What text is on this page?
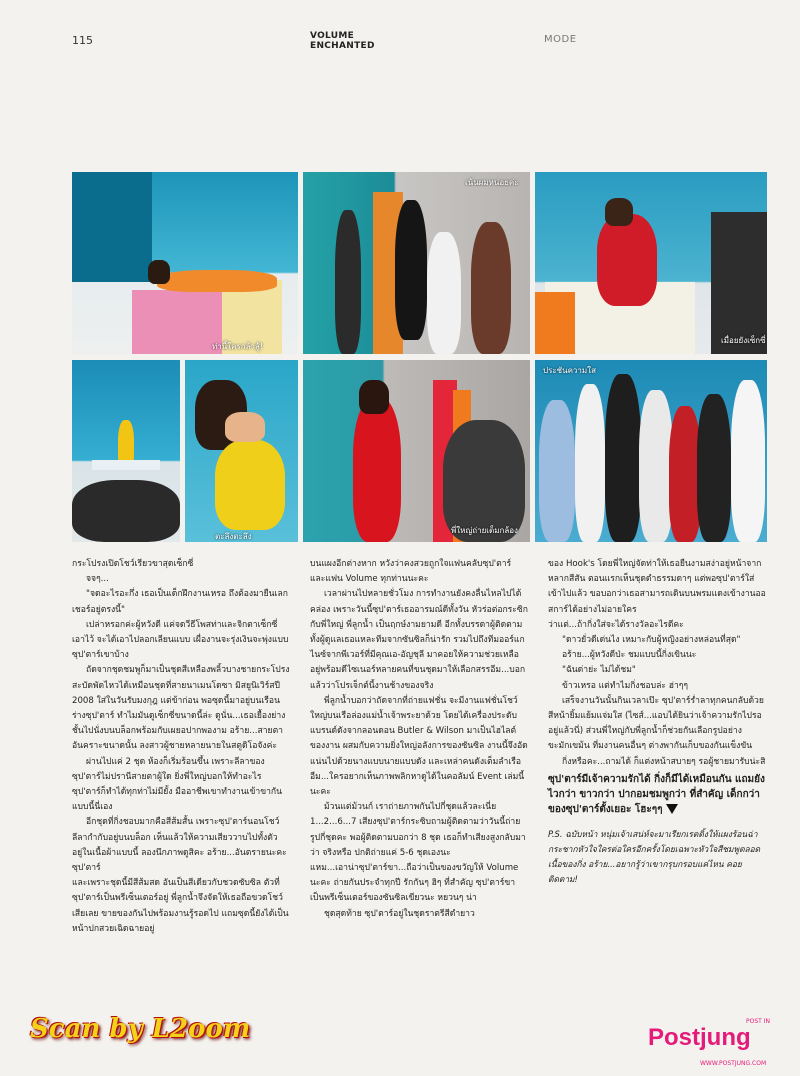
115	VOLUME
ENCHANTED
MODE
ท่านี้ใครกล้าสู้!
เน้นผมหน่อยค่ะ
เมื่อยยังเซ็กซี่
ตะลึงตะลึง
พี่ใหญ่ถ่ายเต็มกล้อง
ประชันความใส

กระโปรงเปิดโชว์เรียวขาสุดเซ็กซี่

จจๆ...

"จดอะไรอะกึ่ง เธอเป็นเด็กฝึกงานเหรอ ถึงต้องมายืนเลกเชอร์อยู่ตรงนี้"

เปล่าหรอกค่ะผู้หวังดี แค่จดวีธีโพสท่าและจิกตาเซ็กซี่เอาไว้ จะได้เอาไปลอกเลียนแบบ เผื่องานจะรุ่งเงินจะพุ่งแบบซุป'ตาร์เขาบ้าง

ถัดจากชุดชมพูก็มาเป็นชุดสีเหลืองพลิ้วบางชายกระโปรงสะบัดพัดไหวได้เหมือนชุดที่สายนาเมนโดซา มิสยูนิเวิร์สปี 2008 ใส่ในวันรับมงกุฎ แต่ข้าก่อน พอซุดนี้มาอยู่บนเรือนร่างซุป'ตาร์ ทำไมมันดูเซ็กซี่ขนาดนี้ล่ะ ดูนั่น...เธอเยื้องย่างชั้นไปนั่งบนบล็อกพร้อมกับเผยอปากพองาม อร้าย...สายตาอันคราะขนาดนั้น ลงสาวผู้ชายหลายนายในสตูดิโอจังค่ะ

ผ่านไปแค่ 2 ชุด ห้องก็เริ่มร้อนขึ้น เพราะลีลาของซุป'ตาร์ไม่ปรานีสายตาผู้ใด ยิ่งพี่ใหญ่บอกให้ทำอะไร ซุป'ตาร์ก็ทำได้ทุกท่าไม่มียั้ง มืออาชีพเขาทำงานเข้าขากันแบบนี้นี่เอง

อีกชุดที่กิ่งชอบมากคือสีส้มสั้น เพราะซุป'ตาร์นอนโชว์ลีลากำกับอยู่บนบล็อก เห็นแล้วให้ความเสียววาบไปทั้งตัว อยู่ในเนื้อผ้าแบบนี้ ลองนึกภาพดูสิคะ อร้าย...อันตรายนะคะซุป'ตาร์

และเพราะชุดนี้มีสีส้มสด อันเป็นสีเดียวกับชวดซับซิล ตัวที่ซุป'ตาร์เป็นพรีเซ็นเตอร์อยู่ พี่ลูกน้ำจึงจัดให้เธอถือขวดโชว์เสียเลย ขายของกันไปพร้อมงานรู้รอดไป แถมซุดนี้ยังได้เป็นหน้าปกสวยเฉิดฉายอยู่

บนแผงอีกต่างหาก หวังว่าคงสวยถูกใจแฟนคลับซุป'ตาร์ และแฟน Volume ทุกท่านนะคะ

เวลาผ่านไปหลายชั่วโมง การทำงานยังคงลื่นไหลไปได้คล่อง เพราะวันนี้ซุป'ตาร์เธออารมณ์ดีทั้งวัน หัวร่อต่อกระซิกกับพี่ใหญ่ พี่ลูกน้ำ เป็นฤกษ์งามยามดี อีกทั้งบรรดาผู้ติดตาม ทั้งผู้ดูแลเธอแหละทีมจากซันซิลก็น่ารัก รวมไปถึงทีมออร์แกไนซ์จากพีเวอร์ที่มีคุณเอ-อัญชุลี มาคอยให้ความช่วยเหลืออยู่พร้อมดีไซเนอร์หลายคนที่ขนชุดมาให้เลือกสรรอีม...บอกแล้วว่าโปรเจ็กต์นี้งานช้างของจริง

พี่ลูกน้ำบอกว่าถัดจากที่ถ่ายแฟชั่น จะมีงานแฟชั่นโชว์ใหญ่บนเรือล่องแม่น้ำเจ้าพระยาด้วย โดยได้เครื่องประดับแบรนด์ดังจากลอนดอน Butler & Wilson มาเป็นไฮไลต์ของงาน ผสมกับความยิ่งใหญ่อลังการของซันซิล งานนี้จึงอัดแน่นไปด้วยนางแบบนายแบบดัง และเหล่าคนดังเต็มลำเรือ อืม...ใครอยากเห็นภาพพลิกหาดูได้ในคอลัมน์ Event เล่มนี้นะคะ

ม้วนแต่ม้วนก์ เราถ่ายภาพกันไปกี่ชุดแล้วละเนี่ย 1...2...6...7 เสียงซุป'ตาร์กระซิบถามผู้ติดตามว่าวันนี้ถ่ายรูปกี่ชุดคะ พอผู้ติดตามบอกว่า 8 ชุด เธอก็ทำเสียงสูงกลับมาว่า จริงหรือ ปกติถ่ายแค่ 5-6 ชุดเองนะ

แหม...เอาน่าซุป'ตาร์ขา...ถือว่าเป็นของขวัญให้ Volume นะคะ ถ่ายกันประจำทุกปี รักกันๆ ฮิๆ ที่สำคัญ ซุป'ตาร์ขาเป็นพรีเซ็นเตอร์ของซันซิลเขียวนะ หยวนๆ น่า

ชุดสุดท้าย ซุป'ตาร์อยู่ในชุดราตรีสีดำยาว

ของ Hook's โดยพี่ใหญ่จัดท่าให้เธอยืนงามสง่าอยู่หน้าจากหลากสีสัน ตอนแรกเห็นชุดดำธรรมดาๆ แต่พอซุป'ตาร์ใส่เข้าไปแล้ว ขอบอกว่าเธอสามารถเดินบนพรมแดงเข้างานออสการ์ได้อย่างไม่อายใคร

ว่าแต่...ถ้ากิ่งใส่จะได้รางวัลอะไรดีคะ

"ดาวยั่วดีเด่นไง เหมาะกับผู้หญิงอย่างหล่อนที่สุด"

อร้าย...ผู้หวังดีป่ะ ชมแบบนี้กิ่งเขินนะ

"ฉันด่าย่ะ ไม่ได้ชม"

ข้าวเหรอ แต่ทำไมกิ่งชอบล่ะ ฮ่าๆๆ

เสร็จงานวันนั้นกินเวลาเป๊ะ ซุป'ตาร์ร่ำลาทุกคนกลับด้วยสีหน้ายิ้มแย้มแจ่มใส (ไซส์...แอบได้ยินว่าเจ้าความรักไปรออยู่แล้วนี่) ส่วนพี่ใหญ่กับพี่ลูกน้ำก็ช่วยกันเลือกรูปอย่างขะมักเขม้น ที่มงานคนอื่นๆ ต่างพากันเก็บของกันแข็งขัน

กิ่งหรือคะ...ถามได้ ก็แต่งหน้าสบายๆ รอผู้ชายมารับน่ะสิ

ซุป'ตาร์มีเจ้าความรักได้ กิ่งก็มีได้เหมือนกัน แถมยังไวกว่า ขาวกว่า ปากอมชมพูกว่า ที่สำคัญ เด็กกว่าของซุป'ตาร์ตั้งเยอะ โฮะๆๆ

P.S. ฉบับหน้า หนุ่มเจ้าเสน่ห์จะมาเรียกเรตติ้งให้แผงร้อนฉ่า กระชากหัวใจใครต่อใครอีกครั้งโดยเฉพาะหัวใจสีชมพูตลอดเนื้อของกิ่ง อร้าย...อยากรู้ว่าเขากรุบกรอบแค่ไหน คอยติดตาม!

Scan by L2oom	POST IN
Postjung
WWW.POSTJUNG.COM
